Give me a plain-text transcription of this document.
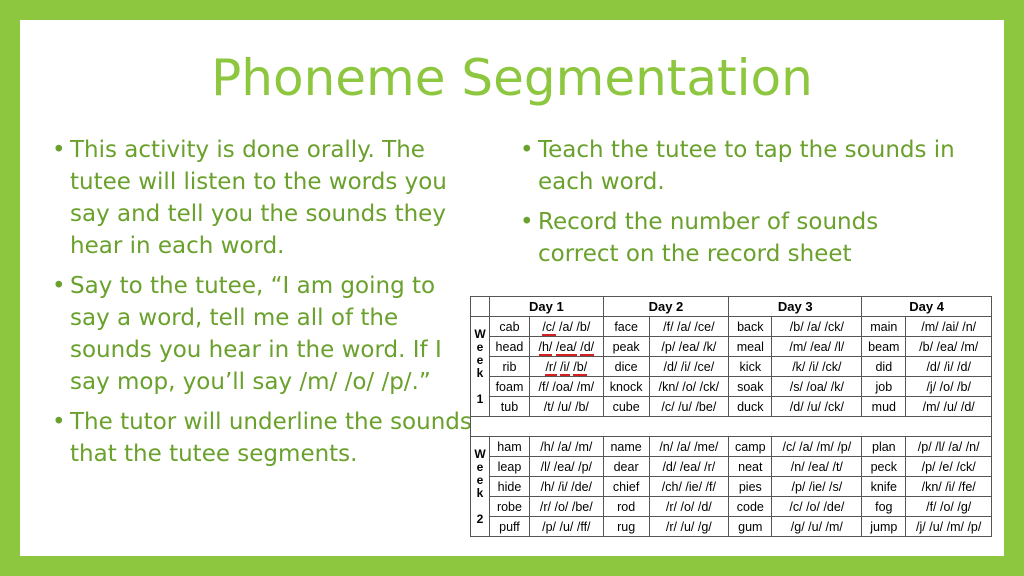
Phoneme Segmentation
• This activity is done orally. The tutee will listen to the words you say and tell you the sounds they hear in each word.
• Say to the tutee, “I am going to say a word, tell me all of the sounds you hear in the word. If I say mop, you’ll say /m/ /o/ /p/.”
• The tutor will underline the sounds that the tutee segments.
• Teach the tutee to tap the sounds in each word.
• Record the number of sounds correct on the record sheet
	Day 1		Day 2		Day 3		Day 4	
W
e
e
k

1	cab	/c/ /a/ /b/	face	/f/ /a/ /ce/	back	/b/ /a/ /ck/	main	/m/ /ai/ /n/
	head	/h/ /ea/ /d/	peak	/p/ /ea/ /k/	meal	/m/ /ea/ /l/	beam	/b/ /ea/ /m/
	rib	/r/ /i/ /b/	dice	/d/ /i/ /ce/	kick	/k/ /i/ /ck/	did	/d/ /i/ /d/
	foam	/f/ /oa/ /m/	knock	/kn/ /o/ /ck/	soak	/s/ /oa/ /k/	job	/j/ /o/ /b/
	tub	/t/ /u/ /b/	cube	/c/ /u/ /be/	duck	/d/ /u/ /ck/	mud	/m/ /u/ /d/

W
e
e
k

2	ham	/h/ /a/ /m/	name	/n/ /a/ /me/	camp	/c/ /a/ /m/ /p/	plan	/p/ /l/ /a/ /n/
	leap	/l/ /ea/ /p/	dear	/d/ /ea/ /r/	neat	/n/ /ea/ /t/	peck	/p/ /e/ /ck/
	hide	/h/ /i/ /de/	chief	/ch/ /ie/ /f/	pies	/p/ /ie/ /s/	knife	/kn/ /i/ /fe/
	robe	/r/ /o/ /be/	rod	/r/ /o/ /d/	code	/c/ /o/ /de/	fog	/f/ /o/ /g/
	puff	/p/ /u/ /ff/	rug	/r/ /u/ /g/	gum	/g/ /u/ /m/	jump	/j/ /u/ /m/ /p/
